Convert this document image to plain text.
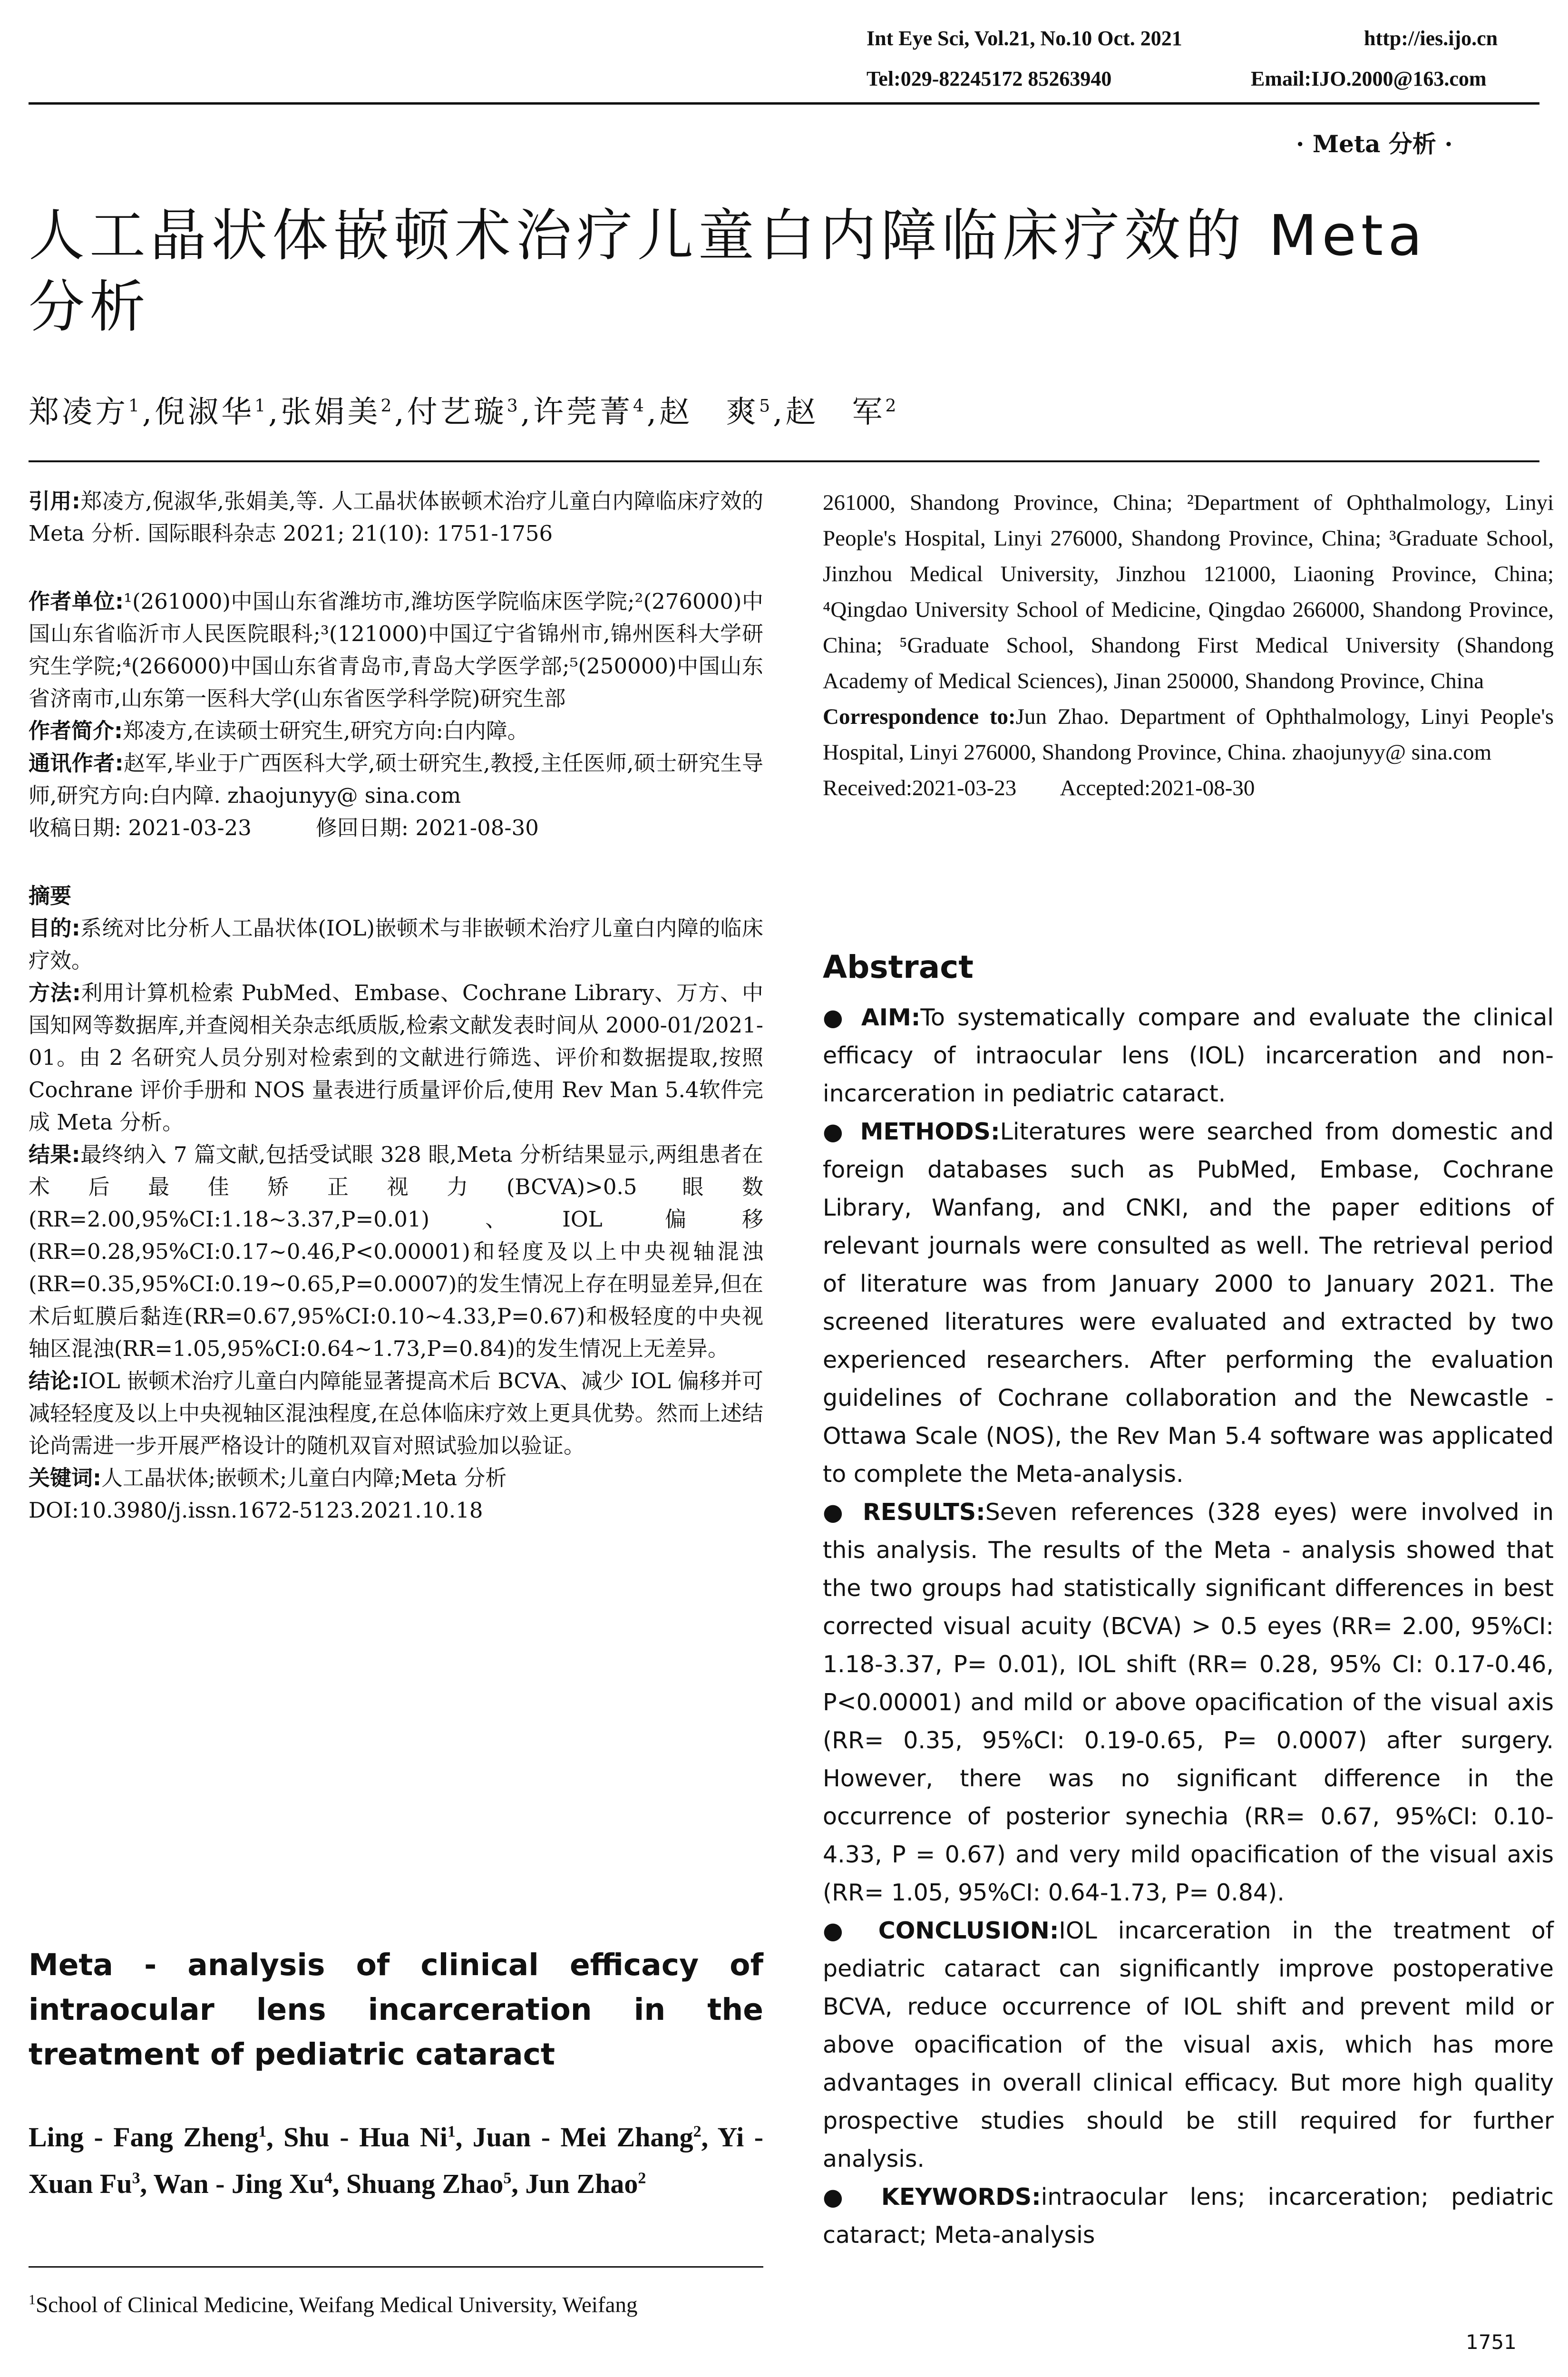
Int Eye Sci, Vol.21, No.10 Oct. 2021	http://ies.ijo.cn
Tel:029-82245172 85263940	Email:IJO.2000@163.com
· Meta 分析 ·
人工晶状体嵌顿术治疗儿童白内障临床疗效的 Meta
分析
郑凌方$^1$,倪淑华$^1$,张娟美$^2$,付艺璇$^3$,许莞菁$^4$,赵　爽$^5$,赵　军$^2$

引用:郑凌方,倪淑华,张娟美,等. 人工晶状体嵌顿术治疗儿童白内障临床疗效的 Meta 分析. 国际眼科杂志 2021; 21(10): 1751-1756

作者单位:¹(261000)中国山东省潍坊市,潍坊医学院临床医学院;²(276000)中国山东省临沂市人民医院眼科;³(121000)中国辽宁省锦州市,锦州医科大学研究生学院;⁴(266000)中国山东省青岛市,青岛大学医学部;⁵(250000)中国山东省济南市,山东第一医科大学(山东省医学科学院)研究生部

作者简介:郑凌方,在读硕士研究生,研究方向:白内障。

通讯作者:赵军,毕业于广西医科大学,硕士研究生,教授,主任医师,硕士研究生导师,研究方向:白内障. zhaojunyy@ sina.com

收稿日期: 2021-03-23　　　修回日期: 2021-08-30

摘要

目的:系统对比分析人工晶状体(IOL)嵌顿术与非嵌顿术治疗儿童白内障的临床疗效。

方法:利用计算机检索 PubMed、Embase、Cochrane Library、万方、中国知网等数据库,并查阅相关杂志纸质版,检索文献发表时间从 2000-01/2021-01。由 2 名研究人员分别对检索到的文献进行筛选、评价和数据提取,按照 Cochrane 评价手册和 NOS 量表进行质量评价后,使用 Rev Man 5.4软件完成 Meta 分析。

结果:最终纳入 7 篇文献,包括受试眼 328 眼,Meta 分析结果显示,两组患者在术后最佳矫正视力(BCVA)>0.5 眼数(RR=2.00,95%CI:1.18~3.37,P=0.01)、IOL 偏移(RR=0.28,95%CI:0.17~0.46,P<0.00001)和轻度及以上中央视轴混浊(RR=0.35,95%CI:0.19~0.65,P=0.0007)的发生情况上存在明显差异,但在术后虹膜后黏连(RR=0.67,95%CI:0.10~4.33,P=0.67)和极轻度的中央视轴区混浊(RR=1.05,95%CI:0.64~1.73,P=0.84)的发生情况上无差异。

结论:IOL 嵌顿术治疗儿童白内障能显著提高术后 BCVA、减少 IOL 偏移并可减轻轻度及以上中央视轴区混浊程度,在总体临床疗效上更具优势。然而上述结论尚需进一步开展严格设计的随机双盲对照试验加以验证。

关键词:人工晶状体;嵌顿术;儿童白内障;Meta 分析

DOI:10.3980/j.issn.1672-5123.2021.10.18

Meta - analysis of clinical efficacy of intraocular lens incarceration in the treatment of pediatric cataract
Ling - Fang Zheng$^1$, Shu - Hua Ni$^1$, Juan - Mei Zhang$^2$, Yi - Xuan Fu$^3$, Wan - Jing Xu$^4$, Shuang Zhao$^5$, Jun Zhao$^2$
$^1$School of Clinical Medicine, Weifang Medical University, Weifang

261000, Shandong Province, China; ²Department of Ophthalmology, Linyi People's Hospital, Linyi 276000, Shandong Province, China; ³Graduate School, Jinzhou Medical University, Jinzhou 121000, Liaoning Province, China; ⁴Qingdao University School of Medicine, Qingdao 266000, Shandong Province, China; ⁵Graduate School, Shandong First Medical University (Shandong Academy of Medical Sciences), Jinan 250000, Shandong Province, China

Correspondence to:Jun Zhao. Department of Ophthalmology, Linyi People's Hospital, Linyi 276000, Shandong Province, China. zhaojunyy@ sina.com

Received:2021-03-23        Accepted:2021-08-30

Abstract

● AIM:To systematically compare and evaluate the clinical efficacy of intraocular lens (IOL) incarceration and non-incarceration in pediatric cataract.

● METHODS:Literatures were searched from domestic and foreign databases such as PubMed, Embase, Cochrane Library, Wanfang, and CNKI, and the paper editions of relevant journals were consulted as well. The retrieval period of literature was from January 2000 to January 2021. The screened literatures were evaluated and extracted by two experienced researchers. After performing the evaluation guidelines of Cochrane collaboration and the Newcastle - Ottawa Scale (NOS), the Rev Man 5.4 software was applicated to complete the Meta-analysis.

● RESULTS:Seven references (328 eyes) were involved in this analysis. The results of the Meta - analysis showed that the two groups had statistically significant differences in best corrected visual acuity (BCVA) > 0.5 eyes (RR= 2.00, 95%CI: 1.18-3.37, P= 0.01), IOL shift (RR= 0.28, 95% CI: 0.17-0.46, P<0.00001) and mild or above opacification of the visual axis (RR= 0.35, 95%CI: 0.19-0.65, P= 0.0007) after surgery. However, there was no significant difference in the occurrence of posterior synechia (RR= 0.67, 95%CI: 0.10- 4.33, P = 0.67) and very mild opacification of the visual axis (RR= 1.05, 95%CI: 0.64-1.73, P= 0.84).

● CONCLUSION:IOL incarceration in the treatment of pediatric cataract can significantly improve postoperative BCVA, reduce occurrence of IOL shift and prevent mild or above opacification of the visual axis, which has more advantages in overall clinical efficacy. But more high quality prospective studies should be still required for further analysis.

● KEYWORDS:intraocular lens; incarceration; pediatric cataract; Meta-analysis

1751
